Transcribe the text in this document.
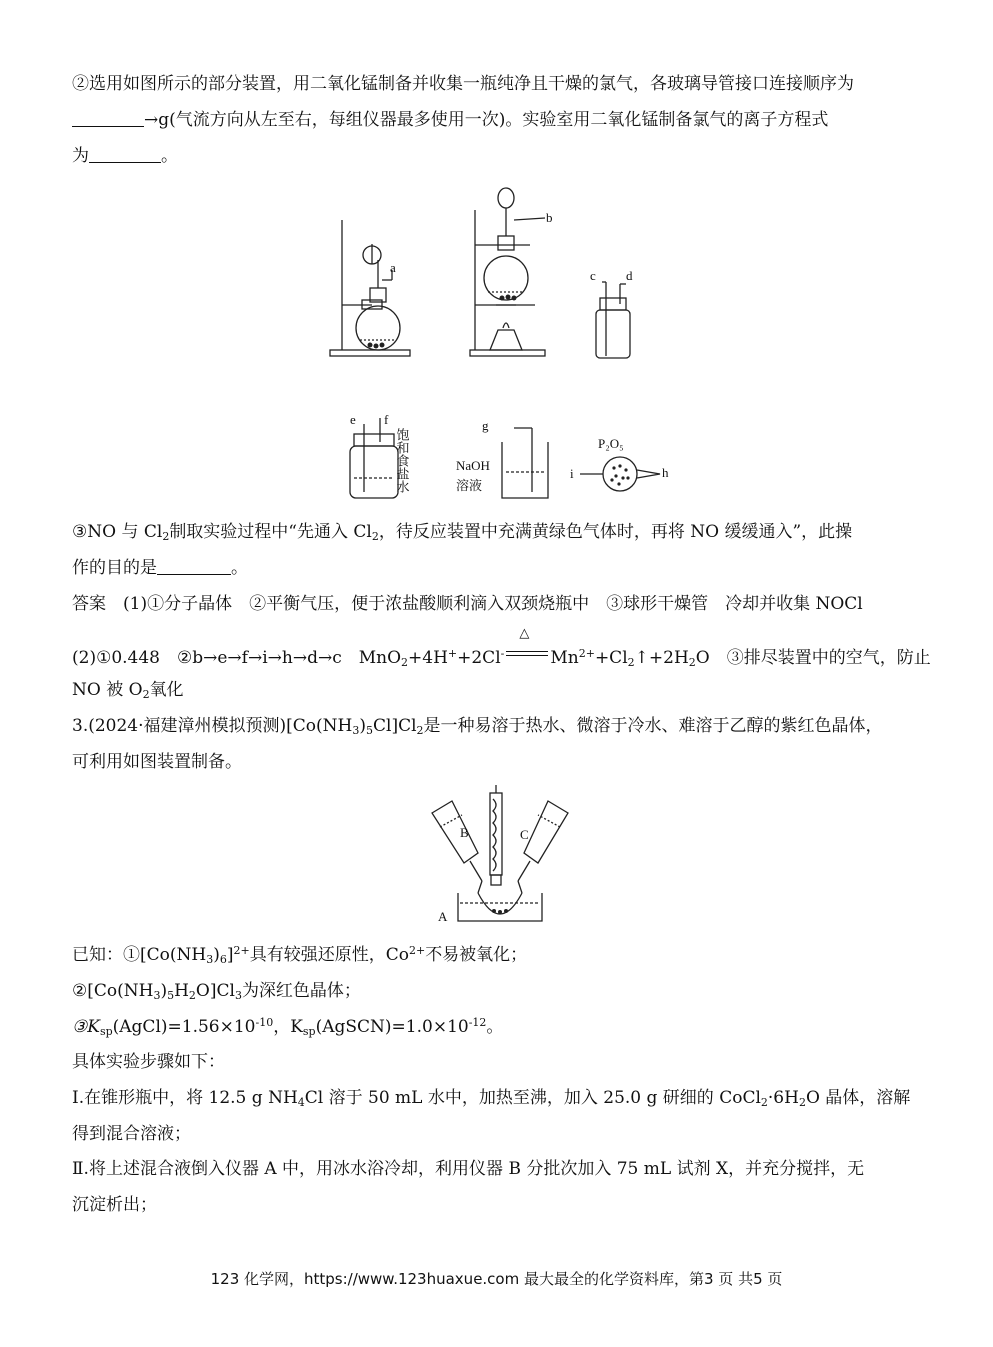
②选用如图所示的部分装置，用二氧化锰制备并收集一瓶纯净且干燥的氯气，各玻璃导管接口连接顺序为
→g(气流方向从左至右，每组仪器最多使用一次)。实验室用二氧化锰制备氯气的离子方程式
为	。
a
b
c d
e f	g
h
i
NaOH
溶液
P₂O₅
饱和食盐水
③NO 与 $Cl_2$制取实验过程中“先通入 $Cl_2$，待反应装置中充满黄绿色气体时，再将 NO 缓缓通入”，此操
作的目的是	。
答案　(1)①分子晶体　②平衡气压，便于浓盐酸顺利滴入双颈烧瓶中　③球形干燥管　冷却并收集 NOCl
(2)①0.448　②b→e→f→i→h→d→c　MnO$_2$+4H++2Cl-
△
$Mn^{2+}+Cl_2↑+2H_2O$　③排尽装置中的空气，防止
NO 被 $O_2$氧化
3.(2024·福建漳州模拟预测)$[Co(NH_3)_5Cl]Cl_2$是一种易溶于热水、微溶于冷水、难溶于乙醇的紫红色晶体，
可利用如图装置制备。
B	C
A
已知：$①[Co(NH_3)_6]^{2+}$具有较强还原性，$Co^{2+}$不易被氧化；
$②[Co(NH_3)_5H_2O]Cl_3$为深红色晶体；
$③K_{sp}(AgCl)=1.56\times 10^{-10}$，$K_{sp}(AgSCN)=1.0\times 10^{-12}$。
具体实验步骤如下：
Ⅰ.在锥形瓶中，将 12.5 g $NH_4Cl$ 溶于 50 mL 水中，加热至沸，加入 25.0 g 研细的 $CoCl_2\cdot 6H_2O$ 晶体，溶解
得到混合溶液；
Ⅱ.将上述混合液倒入仪器 A 中，用冰水浴冷却，利用仪器 B 分批次加入 75 mL 试剂 X，并充分搅拌，无
沉淀析出；
123 化学网，https://www.123huaxue.com 最大最全的化学资料库，第3 页 共5 页
